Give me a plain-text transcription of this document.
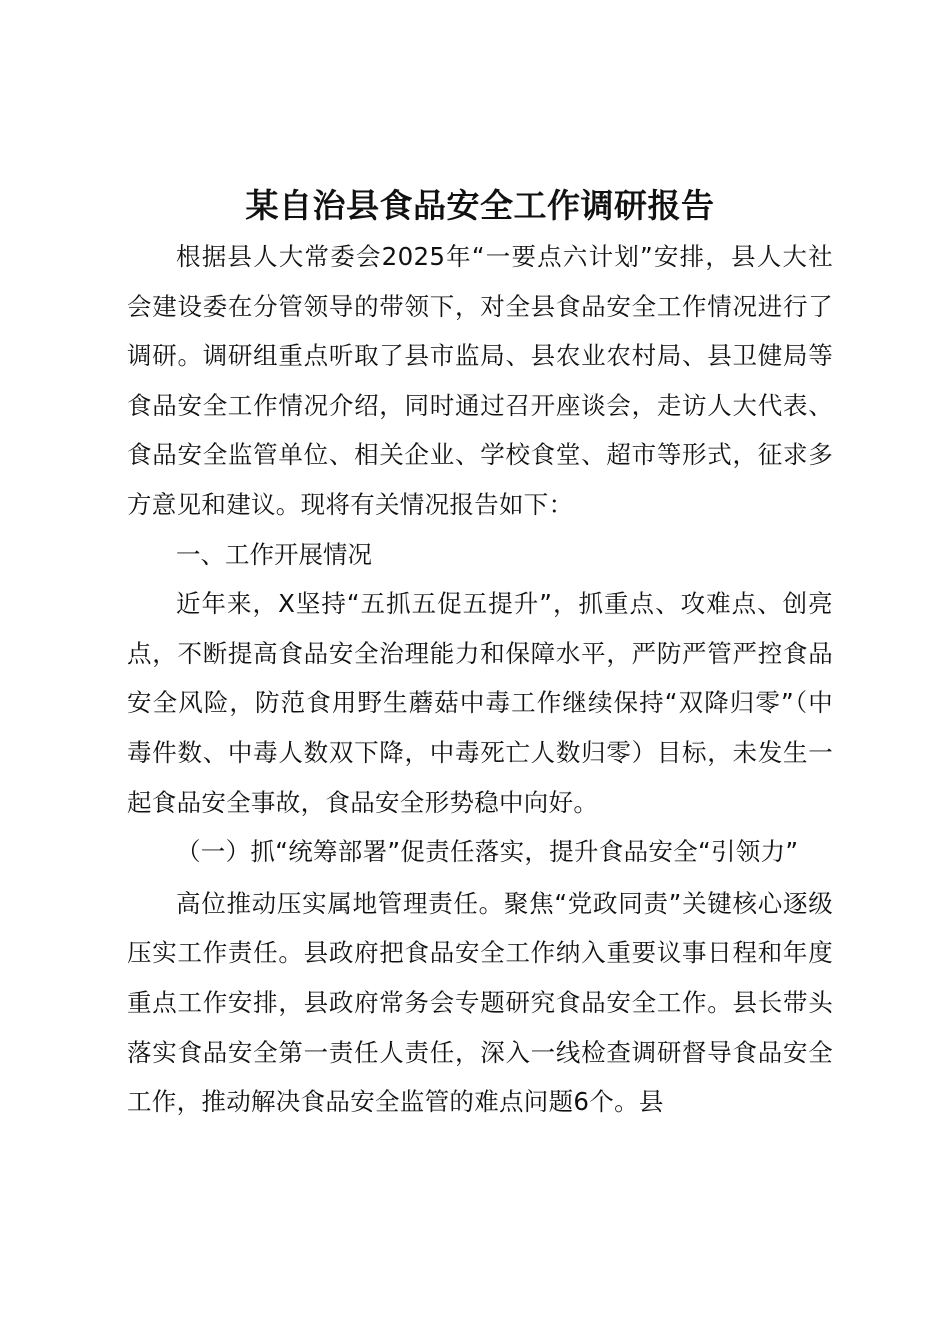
某自治县食品安全工作调研报告

根据县人大常委会2025年“一要点六计划”安排，县人大社会建设委在分管领导的带领下，对全县食品安全工作情况进行了调研。调研组重点听取了县市监局、县农业农村局、县卫健局等食品安全工作情况介绍，同时通过召开座谈会，走访人大代表、食品安全监管单位、相关企业、学校食堂、超市等形式，征求多方意见和建议。现将有关情况报告如下：

一、工作开展情况

近年来，X坚持“五抓五促五提升”，抓重点、攻难点、创亮点，不断提高食品安全治理能力和保障水平，严防严管严控食品安全风险，防范食用野生蘑菇中毒工作继续保持“双降归零”（中毒件数、中毒人数双下降，中毒死亡人数归零）目标，未发生一起食品安全事故，食品安全形势稳中向好。

（一）抓“统筹部署”促责任落实，提升食品安全“引领力”

高位推动压实属地管理责任。聚焦“党政同责”关键核心逐级压实工作责任。县政府把食品安全工作纳入重要议事日程和年度重点工作安排，县政府常务会专题研究食品安全工作。县长带头落实食品安全第一责任人责任，深入一线检查调研督导食品安全工作，推动解决食品安全监管的难点问题6个。县
